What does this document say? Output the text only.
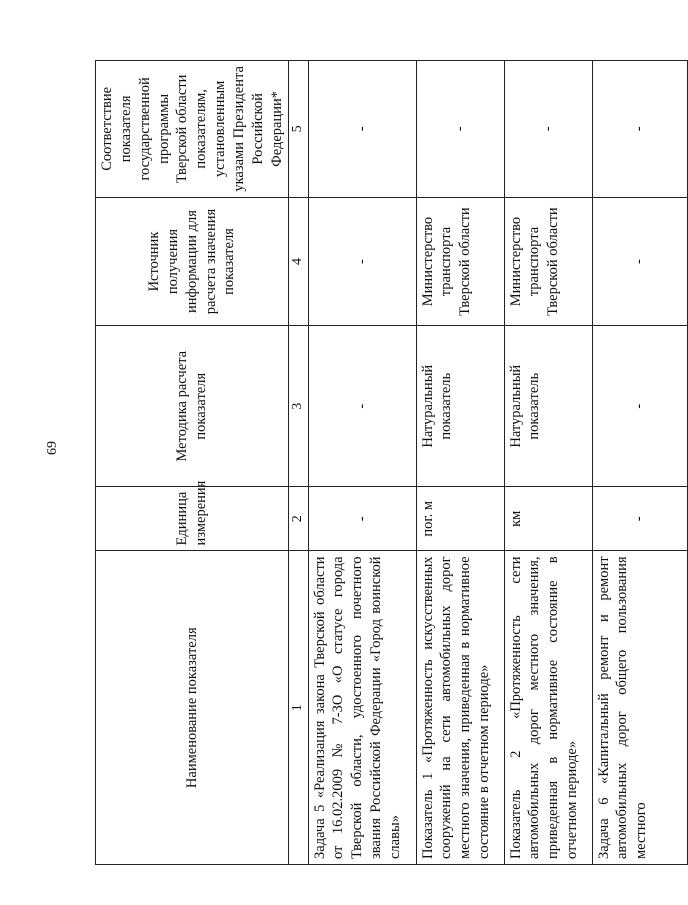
69
Наименование показателя	Единица измерения	Методика расчета показателя	Источник получения информации для расчета значения показателя	Соответствие показателя государственной программы Тверской области показателям, установленным указами Президента Российской Федерации*
1	2	3	4	5
Задача 5 «Реализация закона Тверской области от 16.02.2009 № 7-ЗО «О статусе города Тверской области, удостоенного почетного звания Российской Федерации «Город воинской славы»	-	-	-	-
Показатель 1 «Протяженность искусственных сооружений на сети автомобильных дорог местного значения, приведенная в нормативное состояние в отчетном периоде»	пог. м	Натуральный показатель	Министерство транспорта Тверской области	-
Показатель 2 «Протяженность сети автомобильных дорог местного значения, приведенная в нормативное состояние в отчетном периоде»	км	Натуральный показатель	Министерство транспорта Тверской области	-
Задача 6 «Капитальный ремонт и ремонт автомобильных дорог общего пользования местного	-	-	-	-
